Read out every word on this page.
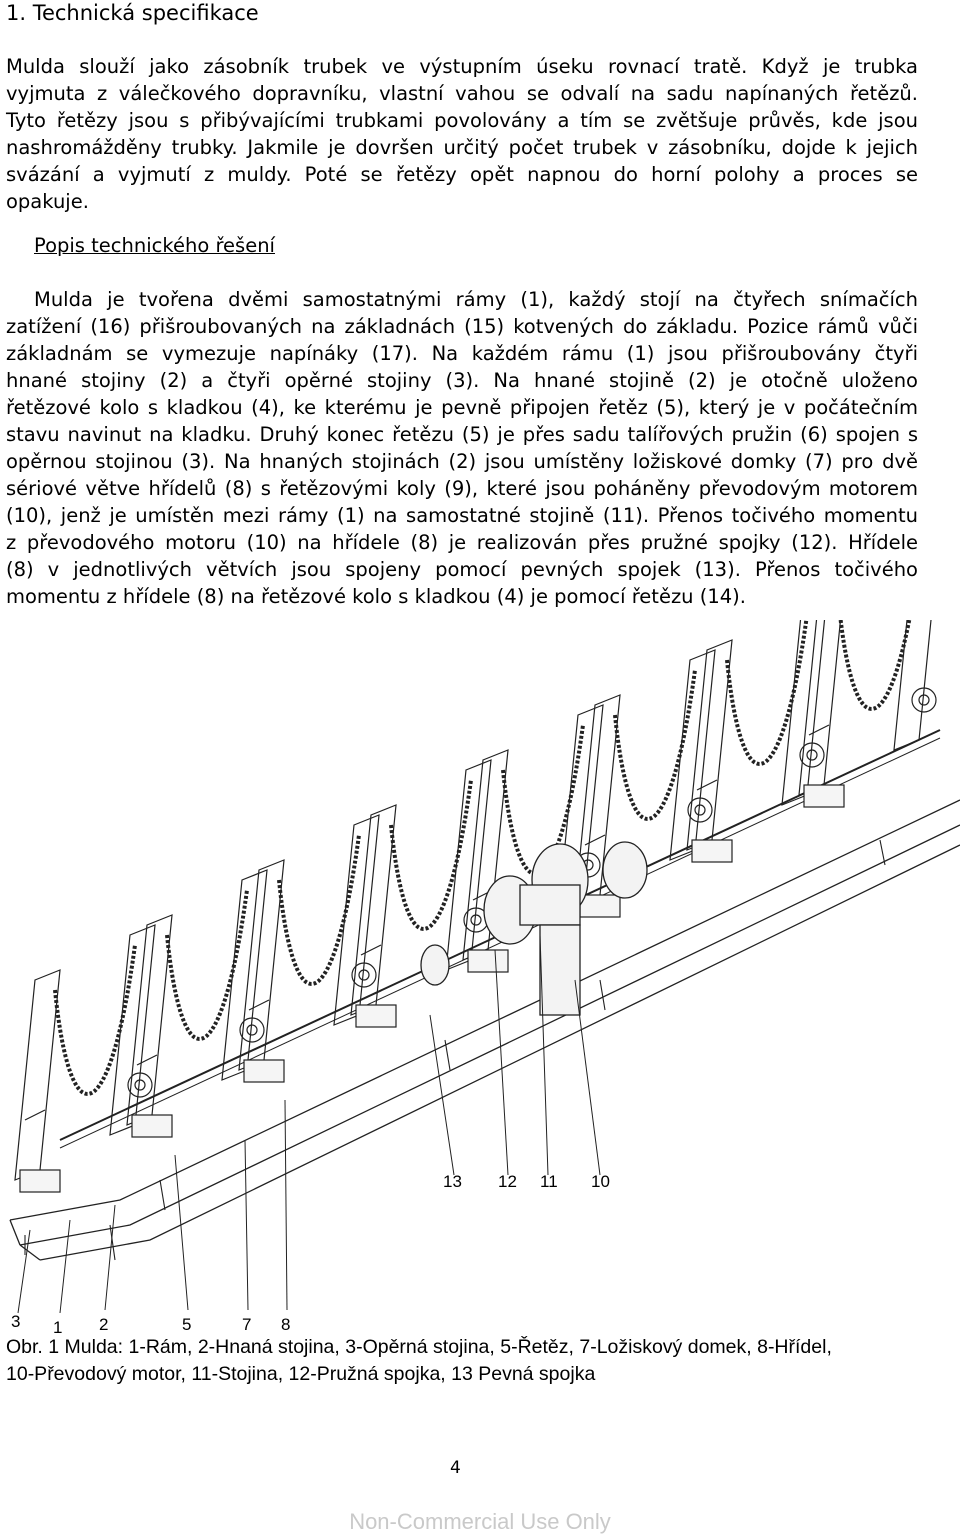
1. Technická specifikace
Mulda slouží jako zásobník trubek ve výstupním úseku rovnací tratě. Když je trubka
vyjmuta z válečkového dopravníku, vlastní vahou se odvalí na sadu napínaných řetězů.
Tyto řetězy jsou s přibývajícími trubkami povolovány a tím se zvětšuje průvěs, kde jsou
nashromážděny trubky. Jakmile je dovršen určitý počet trubek v zásobníku, dojde k jejich
svázání a vyjmutí z muldy. Poté se řetězy opět napnou do horní polohy a proces se
opakuje.
Popis technického řešení
Mulda je tvořena dvěmi samostatnými rámy (1), každý stojí na čtyřech snímačích
zatížení (16) přišroubovaných na základnách (15) kotvených do základu. Pozice rámů vůči
základnám se vymezuje napínáky (17). Na každém rámu (1) jsou přišroubovány čtyři
hnané stojiny (2) a čtyři opěrné stojiny (3). Na hnané stojině (2) je otočně uloženo
řetězové kolo s kladkou (4), ke kterému je pevně připojen řetěz (5), který je v počátečním
stavu navinut na kladku. Druhý konec řetězu (5) je přes sadu talířových pružin (6) spojen s
opěrnou stojinou (3). Na hnaných stojinách (2) jsou umístěny ložiskové domky (7) pro dvě
sériové větve hřídelů (8) s řetězovými koly (9), které jsou poháněny převodovým motorem
(10), jenž je umístěn mezi rámy (1) na samostatné stojině (11). Přenos točivého momentu
z převodového motoru (10) na hřídele (8) je realizován přes pružné spojky (12). Hřídele
(8) v jednotlivých větvích jsou spojeny pomocí pevných spojek (13). Přenos točivého
momentu z hřídele (8) na řetězové kolo s kladkou (4) je pomocí řetězu (14).
13 12 11 10
3 1 2	5	7 8
Obr. 1 Mulda: 1-Rám, 2-Hnaná stojina, 3-Opěrná stojina, 5-Řetěz, 7-Ložiskový domek, 8-Hřídel,
10-Převodový motor, 11-Stojina, 12-Pružná spojka, 13 Pevná spojka
4
Non-Commercial Use Only
